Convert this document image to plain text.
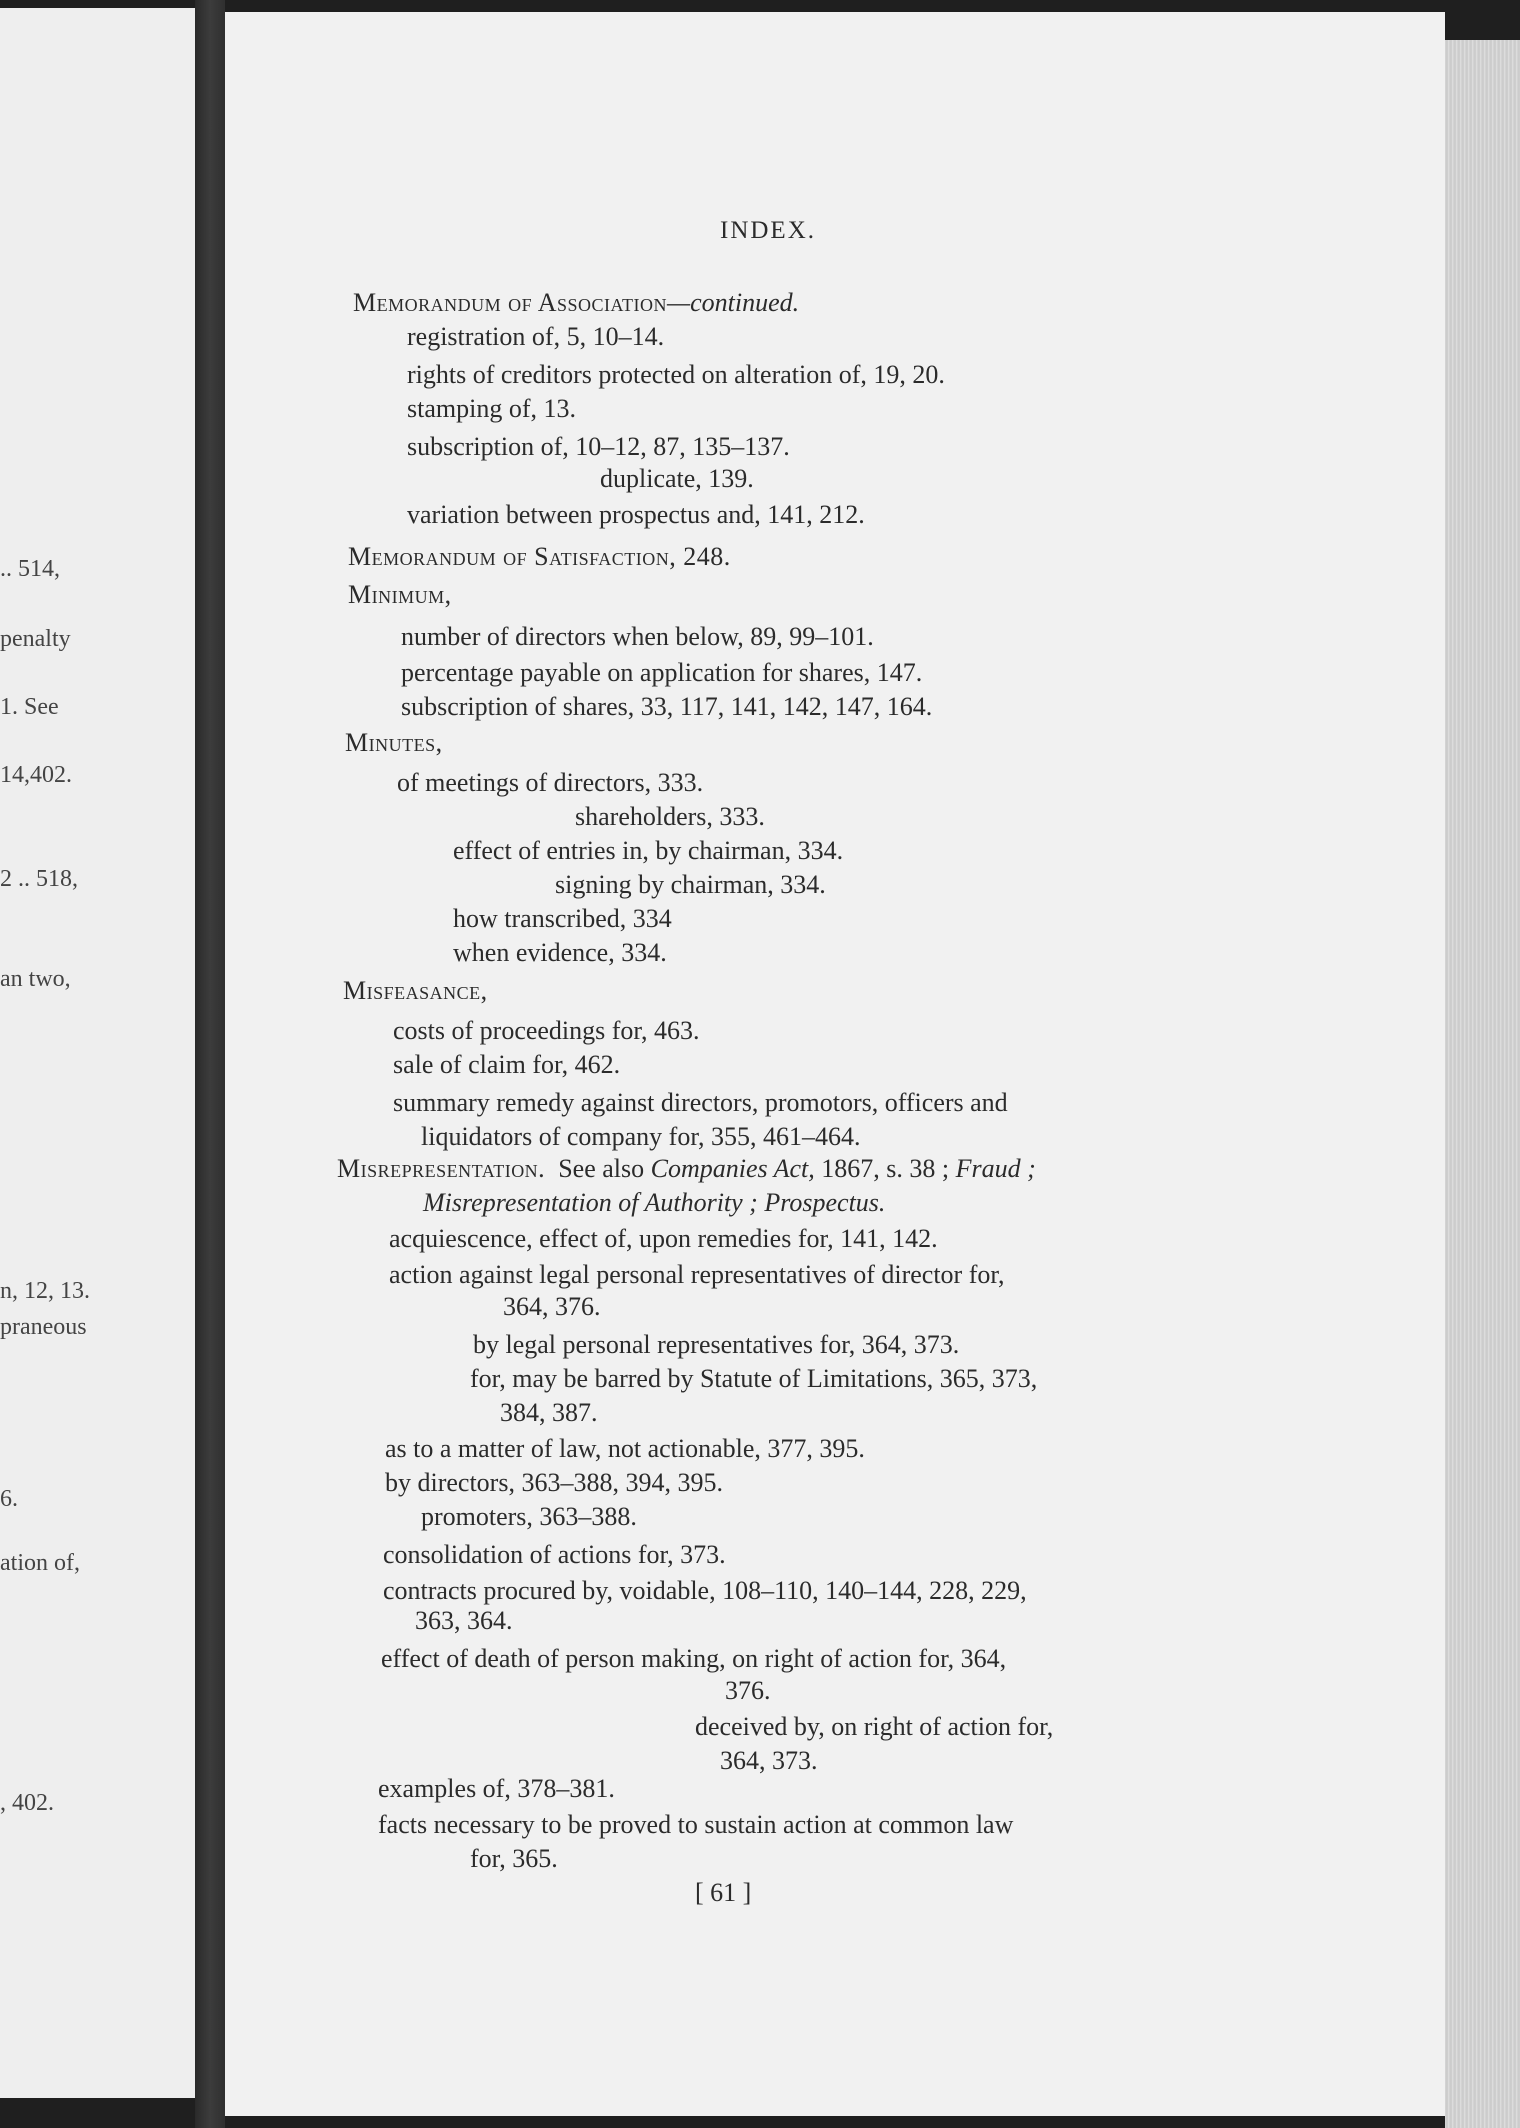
.. 514,
penalty
1. See
14,402.
2 .. 518,
an two,
n, 12, 13.
praneous
6.
ation of,
, 402.
INDEX.
Memorandum of Association—continued.
registration of, 5, 10–14.
rights of creditors protected on alteration of, 19, 20.
stamping of, 13.
subscription of, 10–12, 87, 135–137.
duplicate, 139.
variation between prospectus and, 141, 212.
Memorandum of Satisfaction, 248.
Minimum,
number of directors when below, 89, 99–101.
percentage payable on application for shares, 147.
subscription of shares, 33, 117, 141, 142, 147, 164.
Minutes,
of meetings of directors, 333.
shareholders, 333.
effect of entries in, by chairman, 334.
signing by chairman, 334.
how transcribed, 334
when evidence, 334.
Misfeasance,
costs of proceedings for, 463.
sale of claim for, 462.
summary remedy against directors, promotors, officers and
liquidators of company for, 355, 461–464.
Misrepresentation. See also Companies Act, 1867, s. 38 ; Fraud ;
Misrepresentation of Authority ; Prospectus.
acquiescence, effect of, upon remedies for, 141, 142.
action against legal personal representatives of director for,
364, 376.
by legal personal representatives for, 364, 373.
for, may be barred by Statute of Limitations, 365, 373,
384, 387.
as to a matter of law, not actionable, 377, 395.
by directors, 363–388, 394, 395.
promoters, 363–388.
consolidation of actions for, 373.
contracts procured by, voidable, 108–110, 140–144, 228, 229,
363, 364.
effect of death of person making, on right of action for, 364,
376.
deceived by, on right of action for,
364, 373.
examples of, 378–381.
facts necessary to be proved to sustain action at common law
for, 365.
[ 61 ]
